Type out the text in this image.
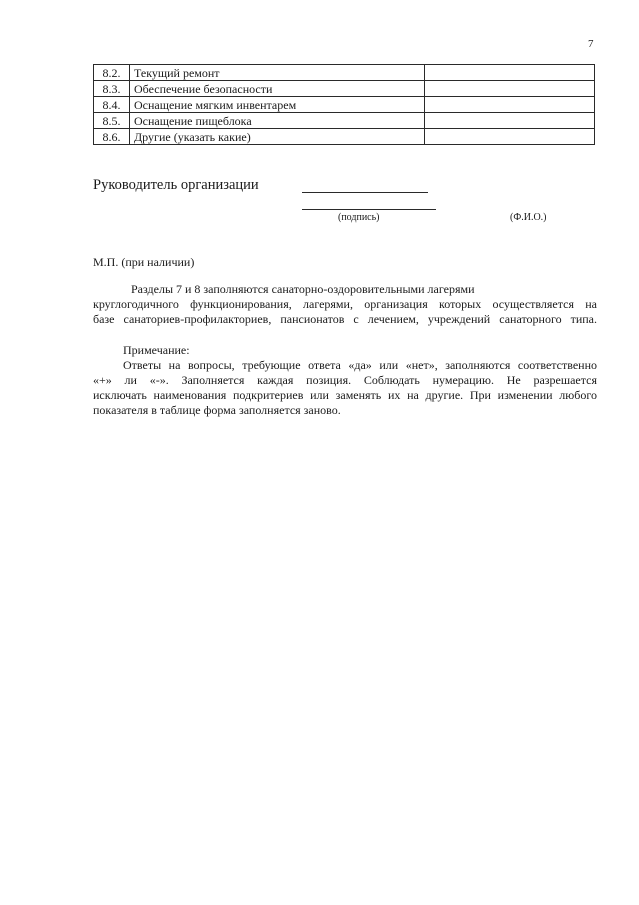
7
8.2.	Текущий ремонт	
8.3.	Обеспечение безопасности	
8.4.	Оснащение мягким инвентарем	
8.5.	Оснащение пищеблока	
8.6.	Другие (указать какие)	
Руководитель организации
(подпись)	(Ф.И.О.)
М.П. (при наличии)
Разделы 7 и 8 заполняются санаторно-оздоровительными лагерями
круглогодичного функционирования, лагерями, организация которых осуществляется на
базе санаториев-профилакториев, пансионатов с лечением, учреждений санаторного типа.
Примечание:
Ответы на вопросы, требующие ответа «да» или «нет», заполняются соответственно
«+» ли «-». Заполняется каждая позиция. Соблюдать нумерацию. Не разрешается
исключать наименования подкритериев или заменять их на другие. При изменении любого
показателя в таблице форма заполняется заново.
